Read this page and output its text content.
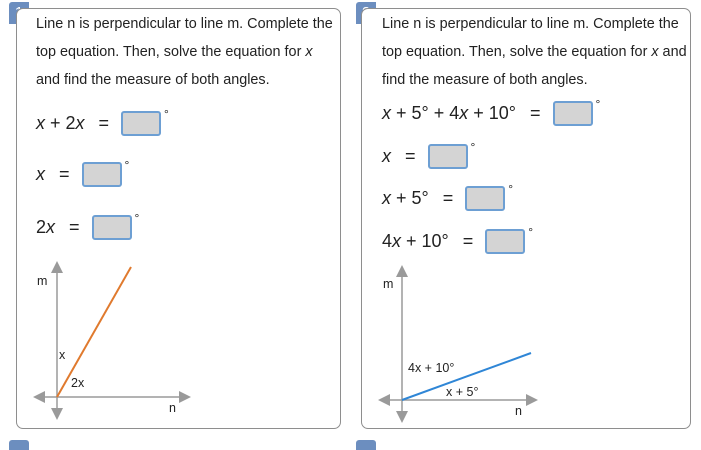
Line n is perpendicular to line m. Complete the top equation. Then, solve the equation for x and find the measure of both angles.
x + 2x =	°
x =	°
2x =	°
m
n
x
2x
Line n is perpendicular to line m. Complete the top equation. Then, solve the equation for x and find the measure of both angles.
x + 5° + 4x + 10° =	°
x =	°
x + 5° =	°
4x + 10° =	°
m
n
4x + 10°
x + 5°
